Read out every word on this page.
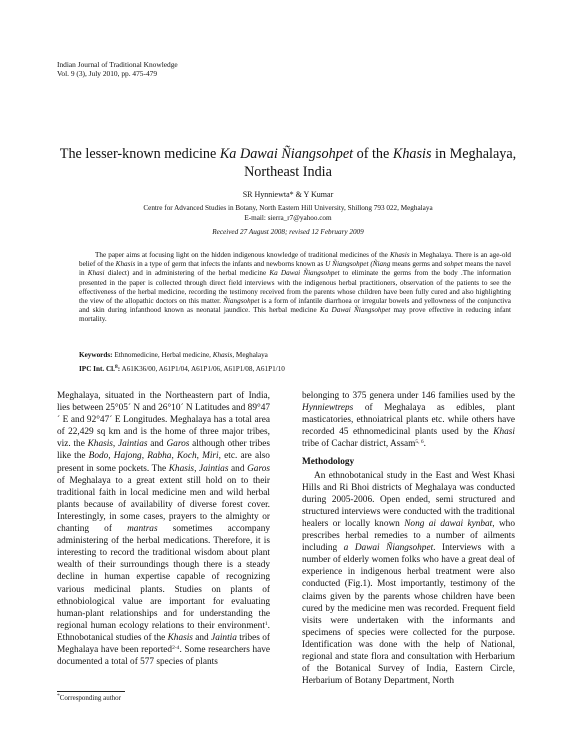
Indian Journal of Traditional Knowledge
Vol. 9 (3), July 2010, pp. 475-479
The lesser-known medicine Ka Dawai Ñiangsohpet of the Khasis in Meghalaya,
Northeast India
SR Hynniewta* & Y Kumar
Centre for Advanced Studies in Botany, North Eastern Hill University, Shillong 793 022, Meghalaya
E-mail: sierra_r7@yahoo.com
Received 27 August 2008; revised 12 February 2009
The paper aims at focusing light on the hidden indigenous knowledge of traditional medicines of the Khasis in Meghalaya. There is an age-old belief of the Khasis in a type of germ that infects the infants and newborns known as U Ñiangsohpet (Ñiang means germs and sohpet means the navel in Khasi dialect) and in administering of the herbal medicine Ka Dawai Ñiangsohpet to eliminate the germs from the body .The information presented in the paper is collected through direct field interviews with the indigenous herbal practitioners, observation of the patients to see the effectiveness of the herbal medicine, recording the testimony received from the parents whose children have been fully cured and also highlighting the view of the allopathic doctors on this matter. Ñiangsohpet is a form of infantile diarrhoea or irregular bowels and yellowness of the conjunctiva and skin during infanthood known as neonatal jaundice. This herbal medicine Ka Dawai Ñiangsohpet may prove effective in reducing infant mortality.
Keywords: Ethnomedicine, Herbal medicine, Khasis, Meghalaya
IPC Int. Cl.$^8$: A61K36/00, A61P1/04, A61P1/06, A61P1/08, A61P1/10

Meghalaya, situated in the Northeastern part of India, lies between 25°05´ N and 26°10´ N Latitudes and 89°47´ E and 92°47´ E Longitudes. Meghalaya has a total area of 22,429 sq km and is the home of three major tribes, viz. the Khasis, Jaintias and Garos although other tribes like the Bodo, Hajong, Rabha, Koch, Miri, etc. are also present in some pockets. The Khasis, Jaintias and Garos of Meghalaya to a great extent still hold on to their traditional faith in local medicine men and wild herbal plants because of availability of diverse forest cover. Interestingly, in some cases, prayers to the almighty or chanting of mantras sometimes accompany administering of the herbal medications. Therefore, it is interesting to record the traditional wisdom about plant wealth of their surroundings though there is a steady decline in human expertise capable of recognizing various medicinal plants. Studies on plants of ethnobiological value are important for evaluating human-plant relationships and for understanding the regional human ecology relations to their environment$^1$. Ethnobotanical studies of the Khasis and Jaintia tribes of Meghalaya have been reported$^{2-4}$. Some researchers have documented a total of 577 species of plants

belonging to 375 genera under 146 families used by the Hynniewtreps of Meghalaya as edibles, plant masticatories, ethnoiatrical plants etc. while others have recorded 45 ethnomedicinal plants used by the Khasi tribe of Cachar district, Assam$^{5, 6}$.

Methodology

An ethnobotanical study in the East and West Khasi Hills and Ri Bhoi districts of Meghalaya was conducted during 2005-2006. Open ended, semi structured and structured interviews were conducted with the traditional healers or locally known Nong ai dawai kynbat, who prescribes herbal remedies to a number of ailments including a Dawai Ñiangsohpet. Interviews with a number of elderly women folks who have a great deal of experience in indigenous herbal treatment were also conducted (Fig.1). Most importantly, testimony of the claims given by the parents whose children have been cured by the medicine men was recorded. Frequent field visits were undertaken with the informants and specimens of species were collected for the purpose. Identification was done with the help of National, regional and state flora and consultation with Herbarium of the Botanical Survey of India, Eastern Circle, Herbarium of Botany Department, North

*Corresponding author
